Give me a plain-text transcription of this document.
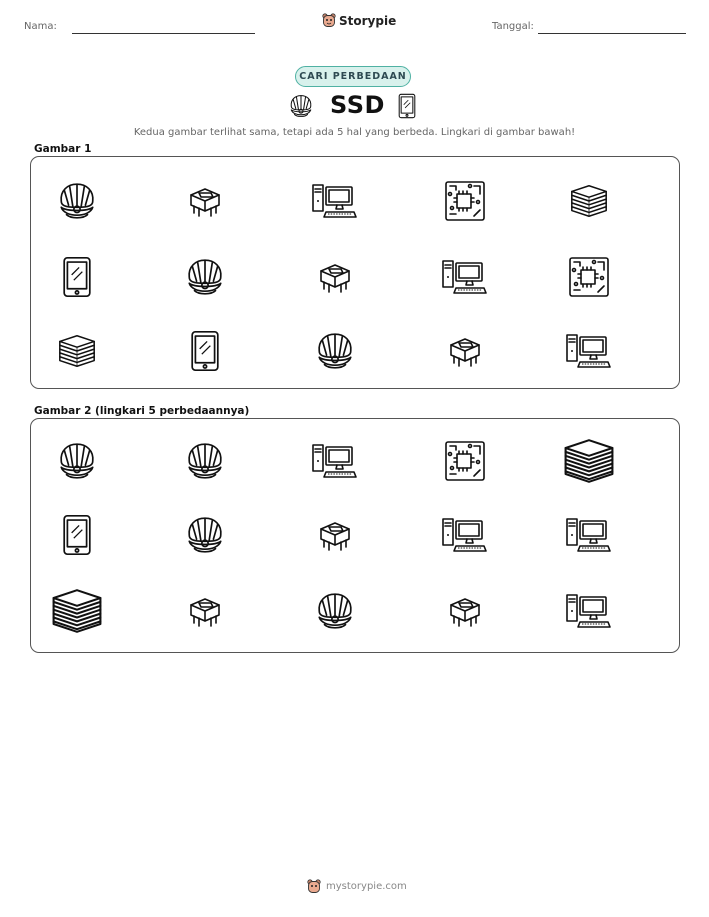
Nama:	Storypie	Tanggal:
CARI PERBEDAAN
SSD
Kedua gambar terlihat sama, tetapi ada 5 hal yang berbeda. Lingkari di gambar bawah!
Gambar 1
Gambar 2 (lingkari 5 perbedaannya)
mystorypie.com
